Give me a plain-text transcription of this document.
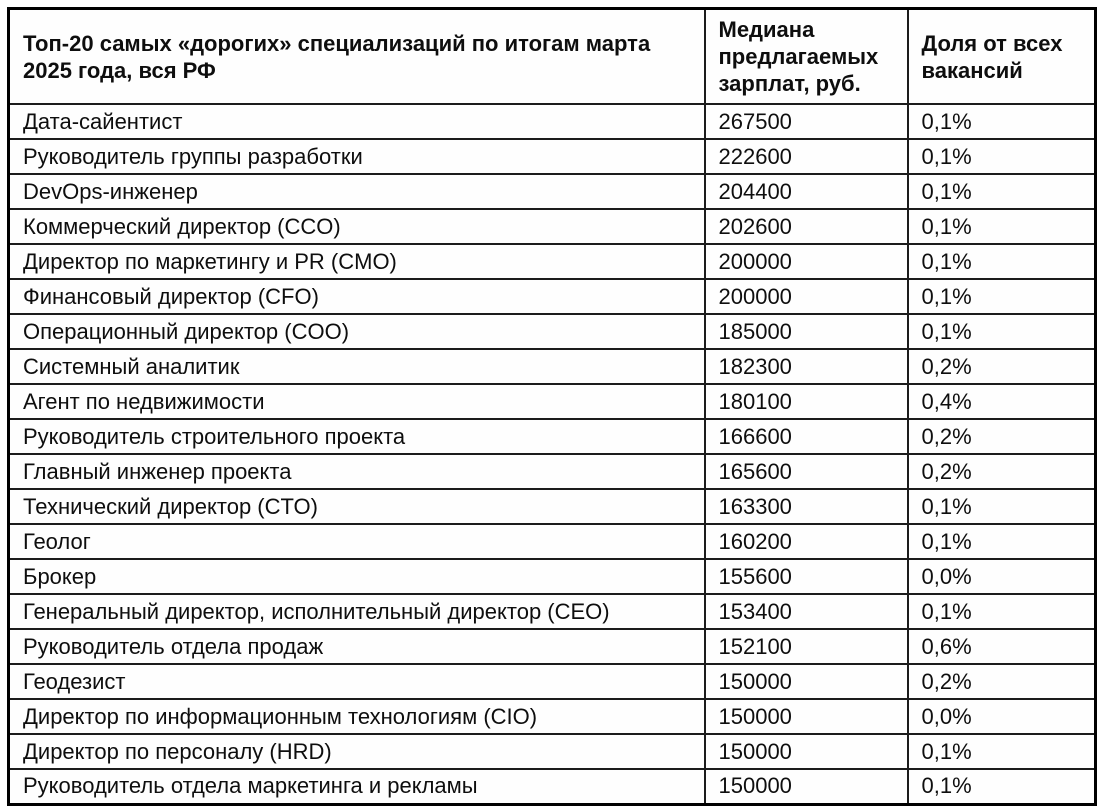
Топ-20 самых «дорогих» специализаций по итогам марта 2025 года, вся РФ	Медиана предлагаемых зарплат, руб.	Доля от всех вакансий
Дата-сайентист	267500	0,1%
Руководитель группы разработки	222600	0,1%
DevOps-инженер	204400	0,1%
Коммерческий директор (CCO)	202600	0,1%
Директор по маркетингу и PR (CMO)	200000	0,1%
Финансовый директор (CFO)	200000	0,1%
Операционный директор (COO)	185000	0,1%
Системный аналитик	182300	0,2%
Агент по недвижимости	180100	0,4%
Руководитель строительного проекта	166600	0,2%
Главный инженер проекта	165600	0,2%
Технический директор (CTO)	163300	0,1%
Геолог	160200	0,1%
Брокер	155600	0,0%
Генеральный директор, исполнительный директор (CEO)	153400	0,1%
Руководитель отдела продаж	152100	0,6%
Геодезист	150000	0,2%
Директор по информационным технологиям (CIO)	150000	0,0%
Директор по персоналу (HRD)	150000	0,1%
Руководитель отдела маркетинга и рекламы	150000	0,1%
